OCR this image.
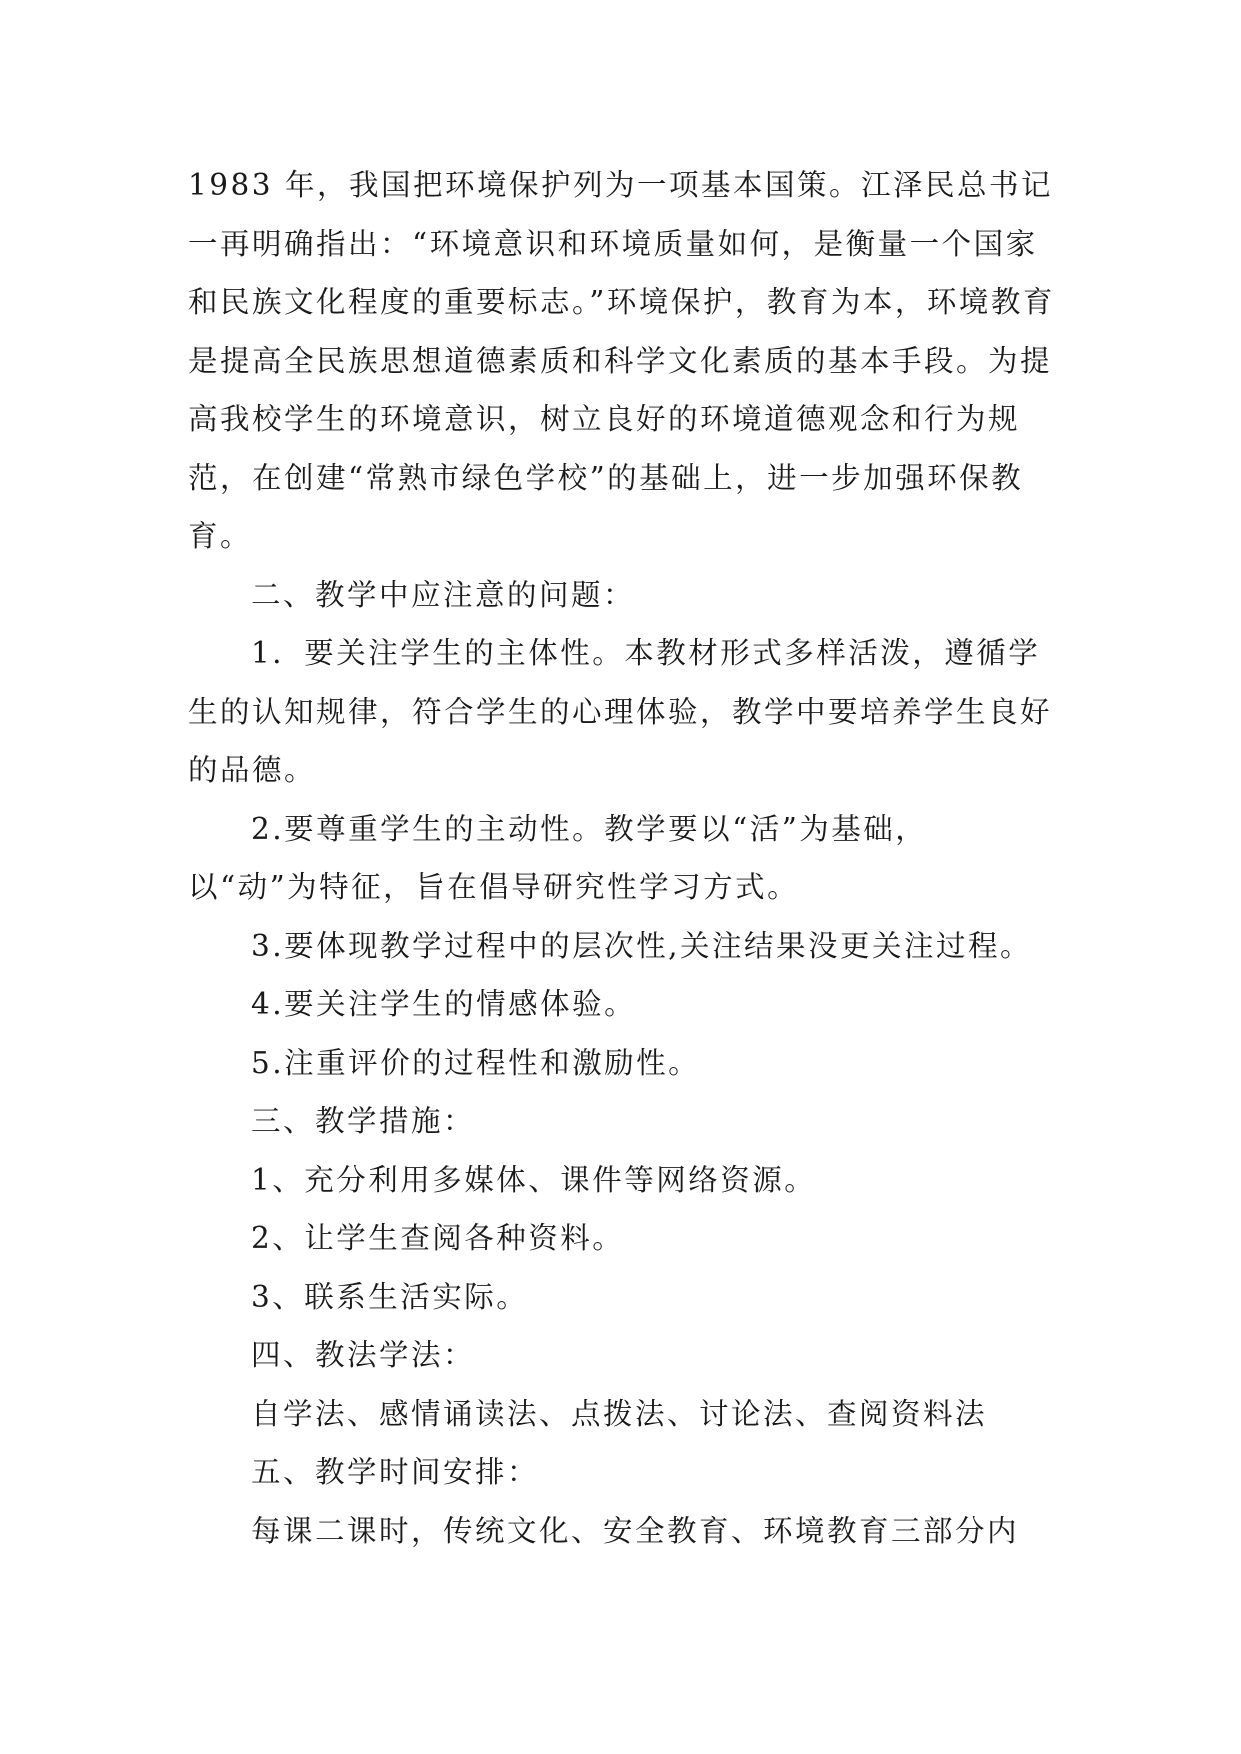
1983 年，我国把环境保护列为一项基本国策。江泽民总书记一再明确指出：“环境意识和环境质量如何，是衡量一个国家和民族文化程度的重要标志。”环境保护，教育为本，环境教育是提高全民族思想道德素质和科学文化素质的基本手段。为提高我校学生的环境意识，树立良好的环境道德观念和行为规范，在创建“常熟市绿色学校”的基础上，进一步加强环保教育。

二、教学中应注意的问题：

1．要关注学生的主体性。本教材形式多样活泼，遵循学生的认知规律，符合学生的心理体验，教学中要培养学生良好的品德。

2.要尊重学生的主动性。教学要以“活”为基础，以“动”为特征，旨在倡导研究性学习方式。

3.要体现教学过程中的层次性,关注结果没更关注过程。

4.要关注学生的情感体验。

5.注重评价的过程性和激励性。

三、教学措施：

1、充分利用多媒体、课件等网络资源。

2、让学生查阅各种资料。

3、联系生活实际。

四、教法学法：

自学法、感情诵读法、点拨法、讨论法、查阅资料法

五、教学时间安排：

每课二课时，传统文化、安全教育、环境教育三部分内
